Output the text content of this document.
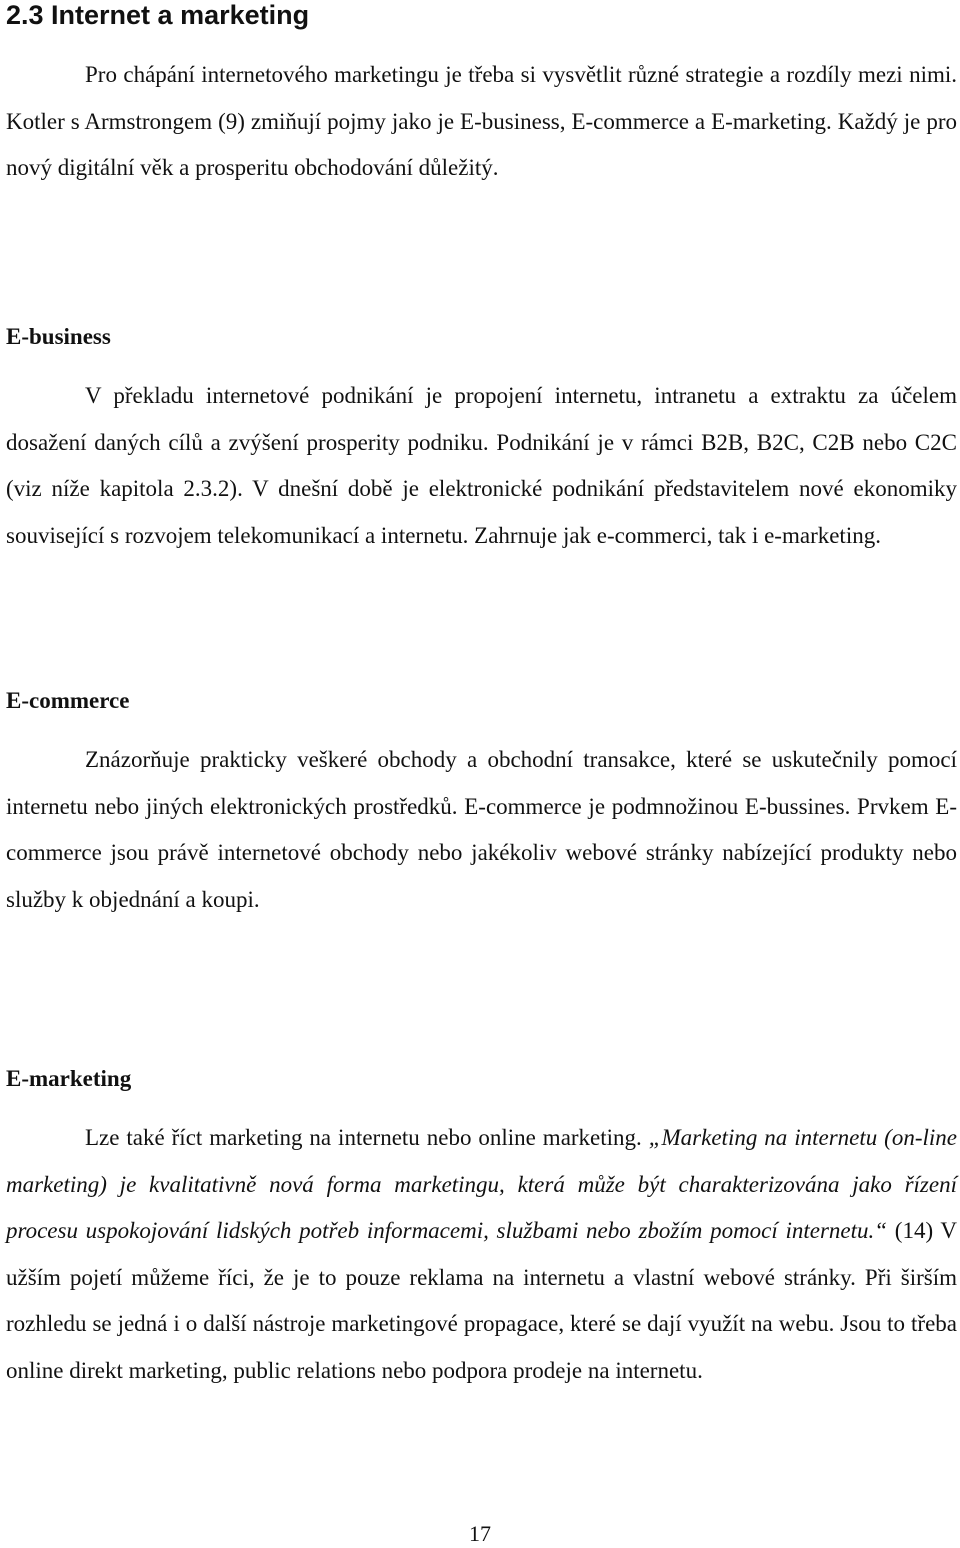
2.3 Internet a marketing

Pro chápání internetového marketingu je třeba si vysvětlit různé strategie a rozdíly mezi nimi. Kotler s Armstrongem (9) zmiňují pojmy jako je E-business, E-commerce a E-marketing. Každý je pro nový digitální věk a prosperitu obchodování důležitý.

E-business

V překladu internetové podnikání je propojení internetu, intranetu a extraktu za účelem dosažení daných cílů a zvýšení prosperity podniku. Podnikání je v rámci B2B, B2C, C2B nebo C2C (viz níže kapitola 2.3.2). V dnešní době je elektronické podnikání představitelem nové ekonomiky související s rozvojem telekomunikací a internetu. Zahrnuje jak e-commerci, tak i e-marketing.

E-commerce

Znázorňuje prakticky veškeré obchody a obchodní transakce, které se uskutečnily pomocí internetu nebo jiných elektronických prostředků. E-commerce je podmnožinou E-bussines. Prvkem E-commerce jsou právě internetové obchody nebo jakékoliv webové stránky nabízející produkty nebo služby k objednání a koupi.

E-marketing

Lze také říct marketing na internetu nebo online marketing. „Marketing na internetu (on-line marketing) je kvalitativně nová forma marketingu, která může být charakterizována jako řízení procesu uspokojování lidských potřeb informacemi, službami nebo zbožím pomocí internetu.“ (14) V užším pojetí můžeme říci, že je to pouze reklama na internetu a vlastní webové stránky. Při širším rozhledu se jedná i o další nástroje marketingové propagace, které se dají využít na webu. Jsou to třeba online direkt marketing, public relations nebo podpora prodeje na internetu.

17
